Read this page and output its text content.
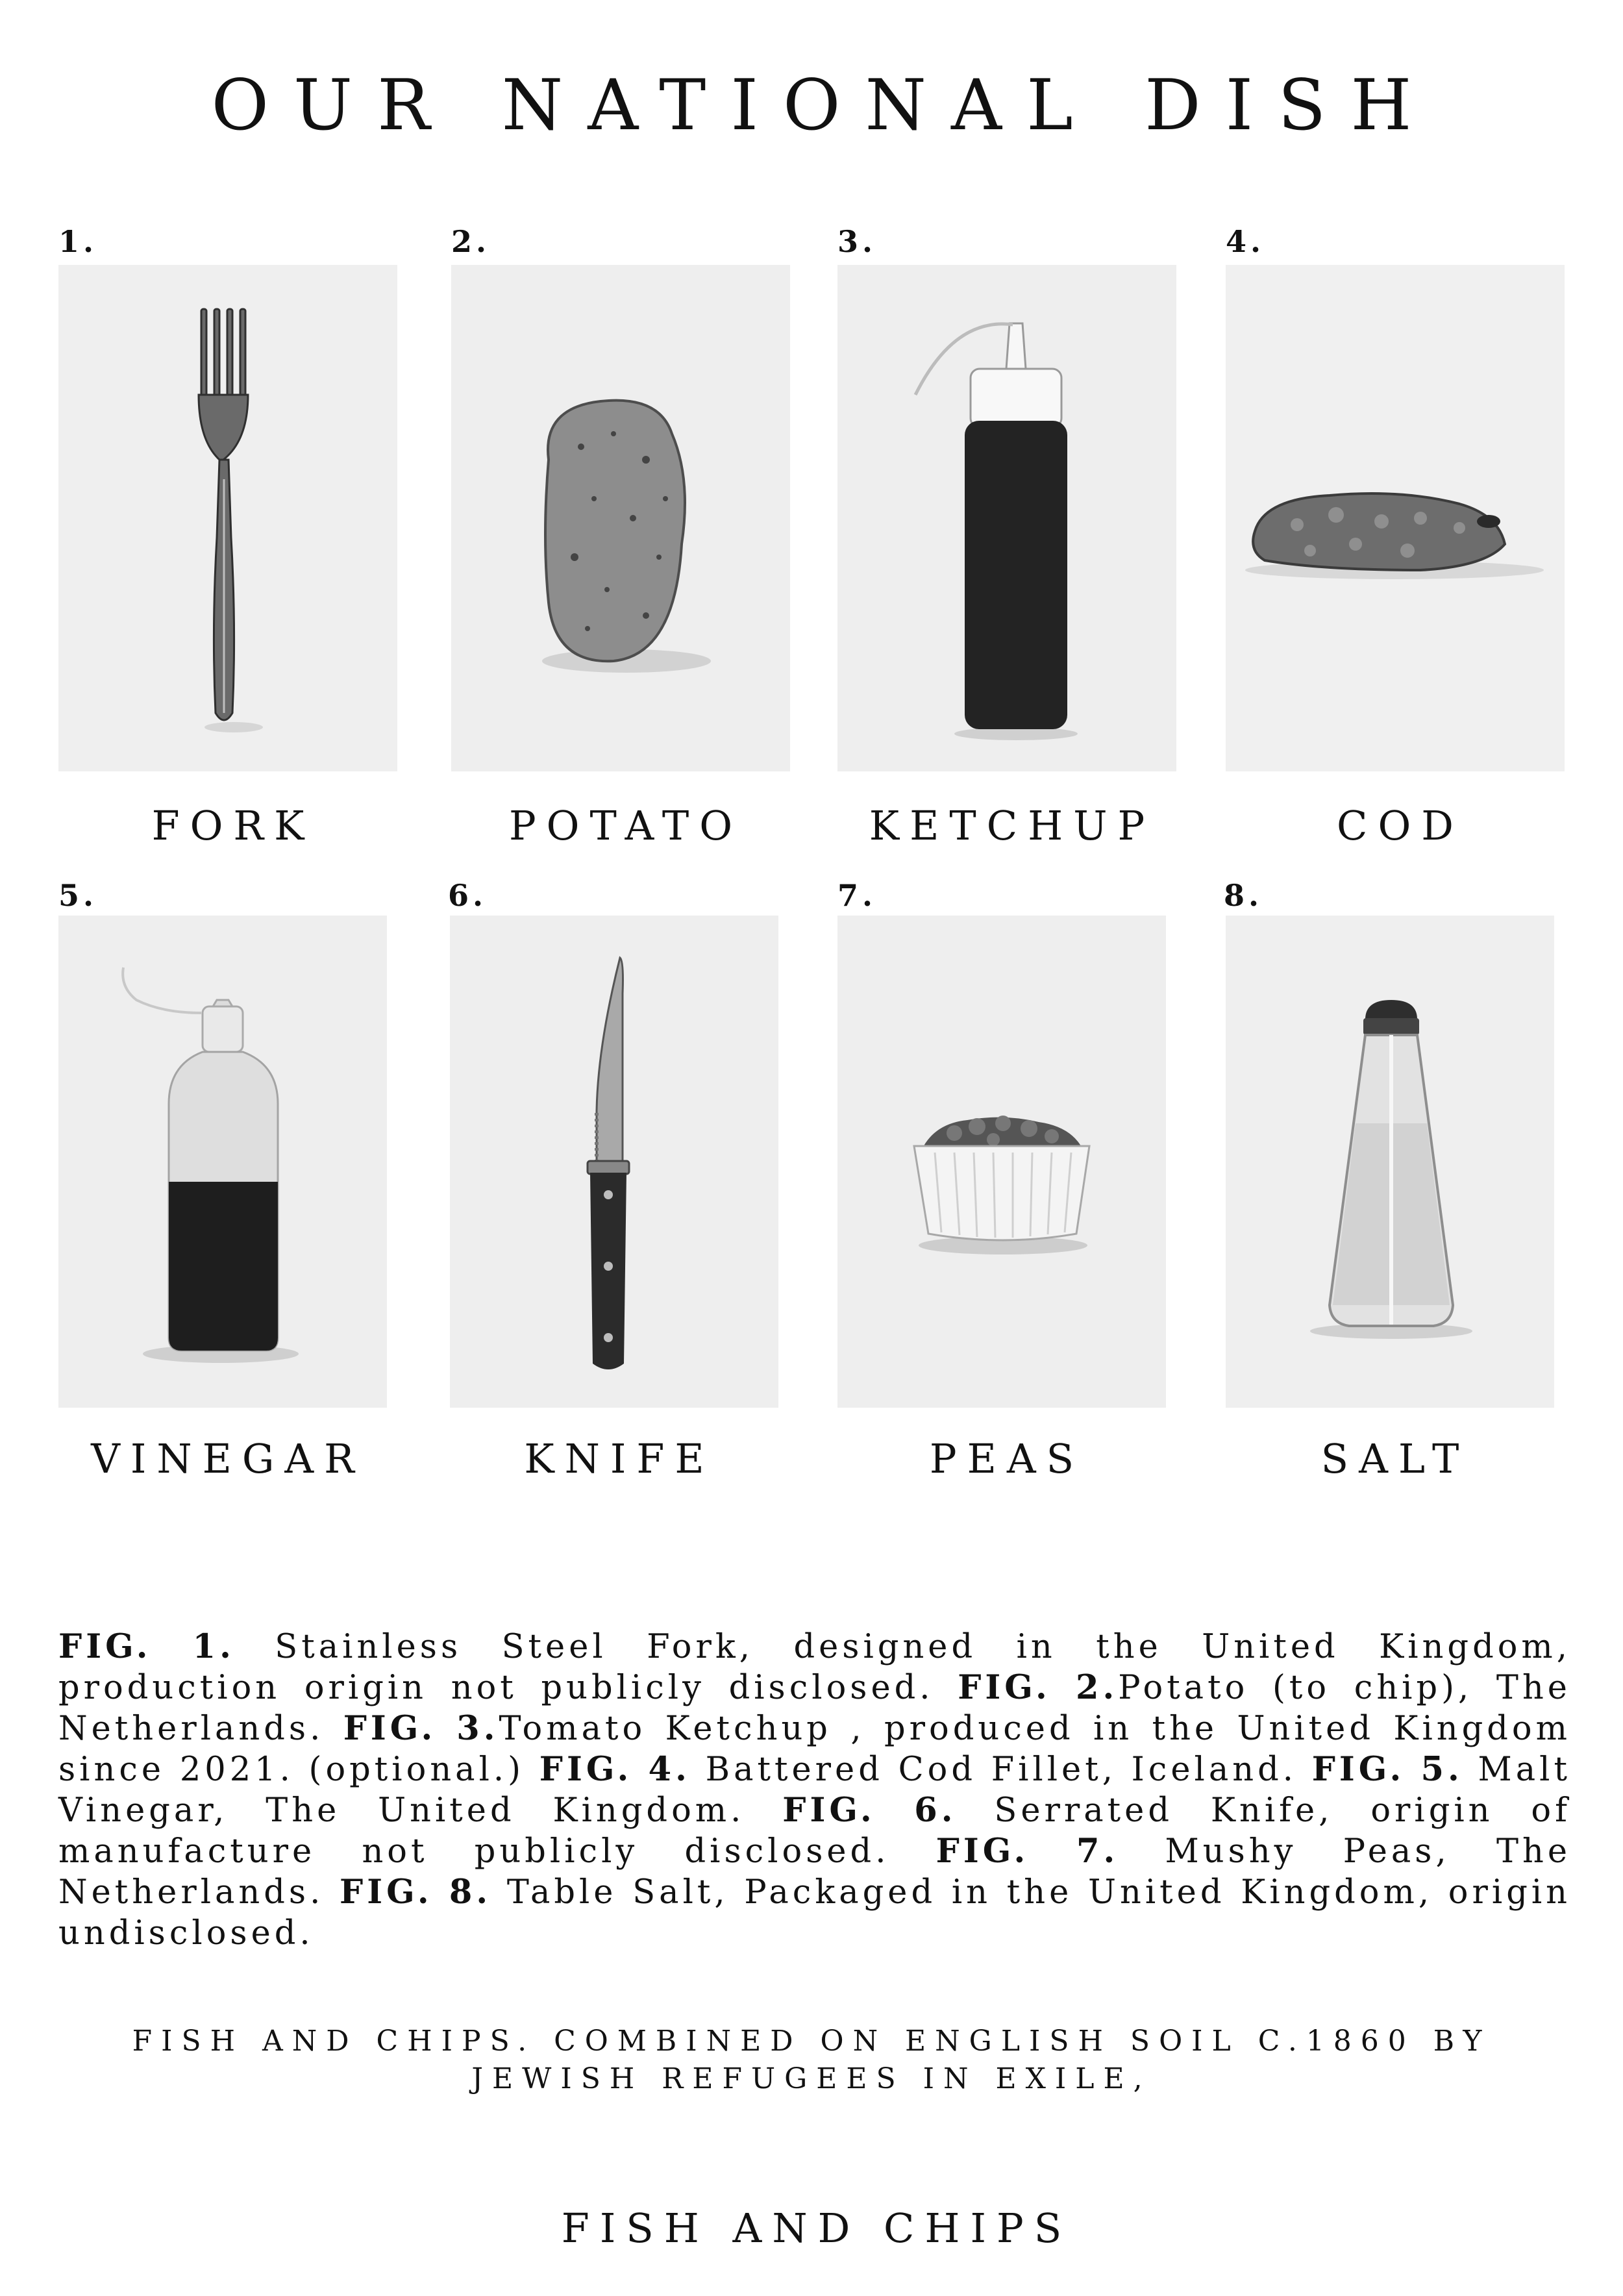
OUR NATIONAL DISH
1.
FORK
2.
POTATO
3.
KETCHUP
4.
COD
5.
VINEGAR
6.
KNIFE
7.
PEAS
8.
SALT
FIG. 1. Stainless Steel Fork, designed in the United Kingdom, production origin not publicly disclosed. FIG. 2.Potato (to chip), The Netherlands. FIG. 3.Tomato Ketchup , produced in the United Kingdom since 2021. (optional.) FIG. 4. Battered Cod Fillet, Iceland. FIG. 5. Malt Vinegar, The United Kingdom. FIG. 6. Serrated Knife, origin of manufacture not publicly disclosed. FIG. 7. Mushy Peas, The Netherlands. FIG. 8. Table Salt, Packaged in the United Kingdom, origin undisclosed.
FISH AND CHIPS. COMBINED ON ENGLISH SOIL C.1860 BY
JEWISH REFUGEES IN EXILE,
FISH AND CHIPS
